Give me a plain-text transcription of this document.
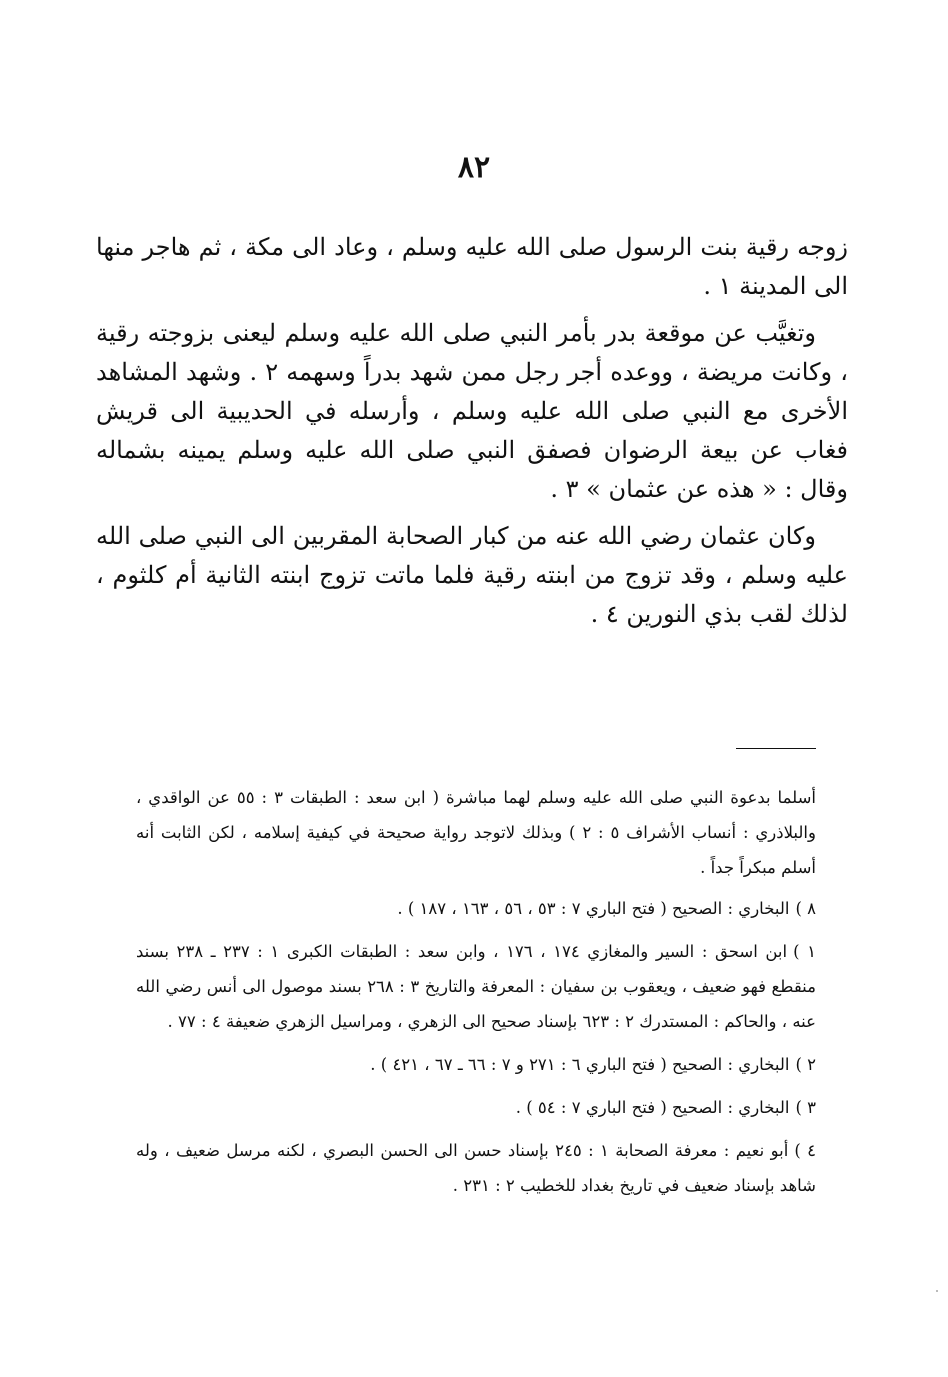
٨٢

زوجه رقية بنت الرسول صلى الله عليه وسلم ، وعاد الى مكة ، ثم هاجر منها الى المدينة ١ .

وتغيَّب عن موقعة بدر بأمر النبي صلى الله عليه وسلم ليعنى بزوجته رقية ، وكانت مريضة ، ووعده أجر رجل ممن شهد بدراً وسهمه ٢ . وشهد المشاهد الأخرى مع النبي صلى الله عليه وسلم ، وأرسله في الحديبية الى قريش فغاب عن بيعة الرضوان فصفق النبي صلى الله عليه وسلم يمينه بشماله وقال : « هذه عن عثمان » ٣ .

وكان عثمان رضي الله عنه من كبار الصحابة المقربين الى النبي صلى الله عليه وسلم ، وقد تزوج من ابنته رقية فلما ماتت تزوج ابنته الثانية أم كلثوم ، لذلك لقب بذي النورين ٤ .

أسلما بدعوة النبي صلى الله عليه وسلم لهما مباشرة ( ابن سعد : الطبقات ٣ : ٥٥ عن الواقدي ، والبلاذري : أنساب الأشراف ٥ : ٢ ) وبذلك لاتوجد رواية صحيحة في كيفية إسلامه ، لكن الثابت أنه أسلم مبكراً جداً .
٨ )البخاري : الصحيح ( فتح الباري ٧ : ٥٣ ، ٥٦ ، ١٦٣ ، ١٨٧ ) .
١ )ابن اسحق : السير والمغازي ١٧٤ ، ١٧٦ ، وابن سعد : الطبقات الكبرى ١ : ٢٣٧ ـ ٢٣٨ بسند منقطع فهو ضعيف ، ويعقوب بن سفيان : المعرفة والتاريخ ٣ : ٢٦٨ بسند موصول الى أنس رضي الله عنه ، والحاكم : المستدرك ٢ : ٦٢٣ بإسناد صحيح الى الزهري ، ومراسيل الزهري ضعيفة ٤ : ٧٧ .
٢ )البخاري : الصحيح ( فتح الباري ٦ : ٢٧١ و ٧ : ٦٦ ـ ٦٧ ، ٤٢١ ) .
٣ )البخاري : الصحيح ( فتح الباري ٧ : ٥٤ ) .
٤ )أبو نعيم : معرفة الصحابة ١ : ٢٤٥ بإسناد حسن الى الحسن البصري ، لكنه مرسل ضعيف ، وله شاهد بإسناد ضعيف في تاريخ بغداد للخطيب ٢ : ٢٣١ .
